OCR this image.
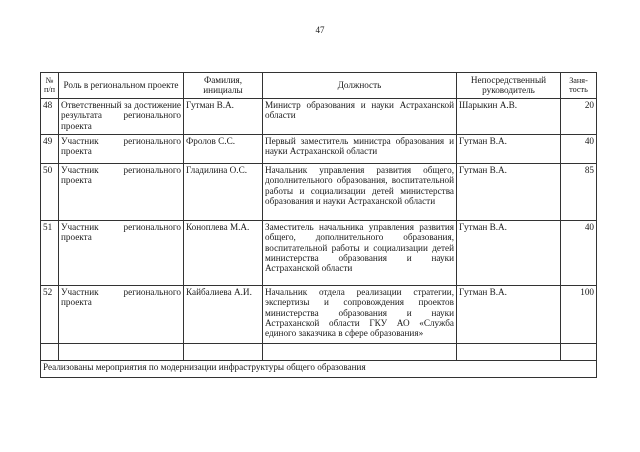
47
№ п/п	Роль в региональном проекте	Фамилия, инициалы	Должность	Непосредственный руководитель	Заня-тость
48	Ответственный за достижение результата регионального проекта	Гутман В.А.	Министр образования и науки Астраханской области	Шарыкин А.В.	20
49	Участник регионального проекта	Фролов С.С.	Первый заместитель министра образования и науки Астраханской области	Гутман В.А.	40
50	Участник регионального проекта	Гладилина О.С.	Начальник управления развития общего, дополнительного образования, воспитательной работы и социализации детей министерства образования и науки Астраханской области	Гутман В.А.	85
51	Участник регионального проекта	Коноплева М.А.	Заместитель начальника управления развития общего, дополнительного образования, воспитательной работы и социализации детей министерства образования и науки Астраханской области	Гутман В.А.	40
52	Участник регионального проекта	Кайбалиева А.И.	Начальник отдела реализации стратегии, экспертизы и сопровождения проектов министерства образования и науки Астраханской области ГКУ АО «Служба единого заказчика в сфере образования»	Гутман В.А.	100

Реализованы мероприятия по модернизации инфраструктуры общего образования					
